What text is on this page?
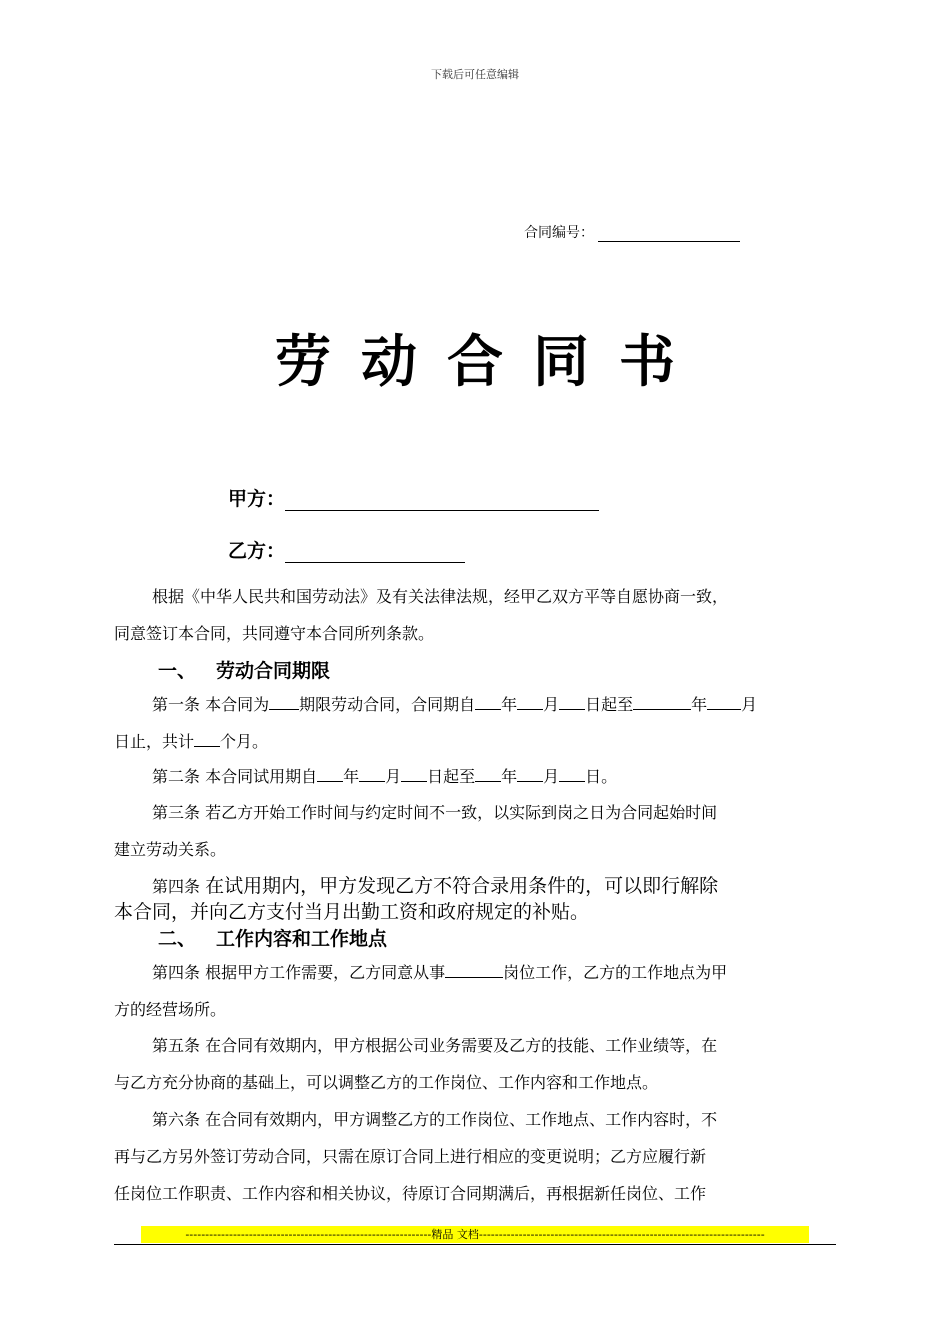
下载后可任意编辑
合同编号：
劳动合同书
甲方：
乙方：
根据《中华人民共和国劳动法》及有关法律法规，经甲乙双方平等自愿协商一致，
同意签订本合同，共同遵守本合同所列条款。
一、 劳动合同期限
第一条 本合同为 期限劳动合同，合同期自 年 月 日起至	年 月
日止，共计 个月。
第二条 本合同试用期自 年 月 日起至 年 月 日。
第三条 若乙方开始工作时间与约定时间不一致，以实际到岗之日为合同起始时间
建立劳动关系。
第四条 在试用期内，甲方发现乙方不符合录用条件的，可以即行解除
本合同，并向乙方支付当月出勤工资和政府规定的补贴。
二、 工作内容和工作地点
第四条 根据甲方工作需要，乙方同意从事	岗位工作，乙方的工作地点为甲
方的经营场所。
第五条 在合同有效期内，甲方根据公司业务需要及乙方的技能、工作业绩等，在
与乙方充分协商的基础上，可以调整乙方的工作岗位、工作内容和工作地点。
第六条 在合同有效期内，甲方调整乙方的工作岗位、工作地点、工作内容时，不
再与乙方另外签订劳动合同，只需在原订合同上进行相应的变更说明；乙方应履行新
任岗位工作职责、工作内容和相关协议，待原订合同期满后，再根据新任岗位、工作
--------------------------------------------------------------精品 文档------------------------------------------------------------------------
